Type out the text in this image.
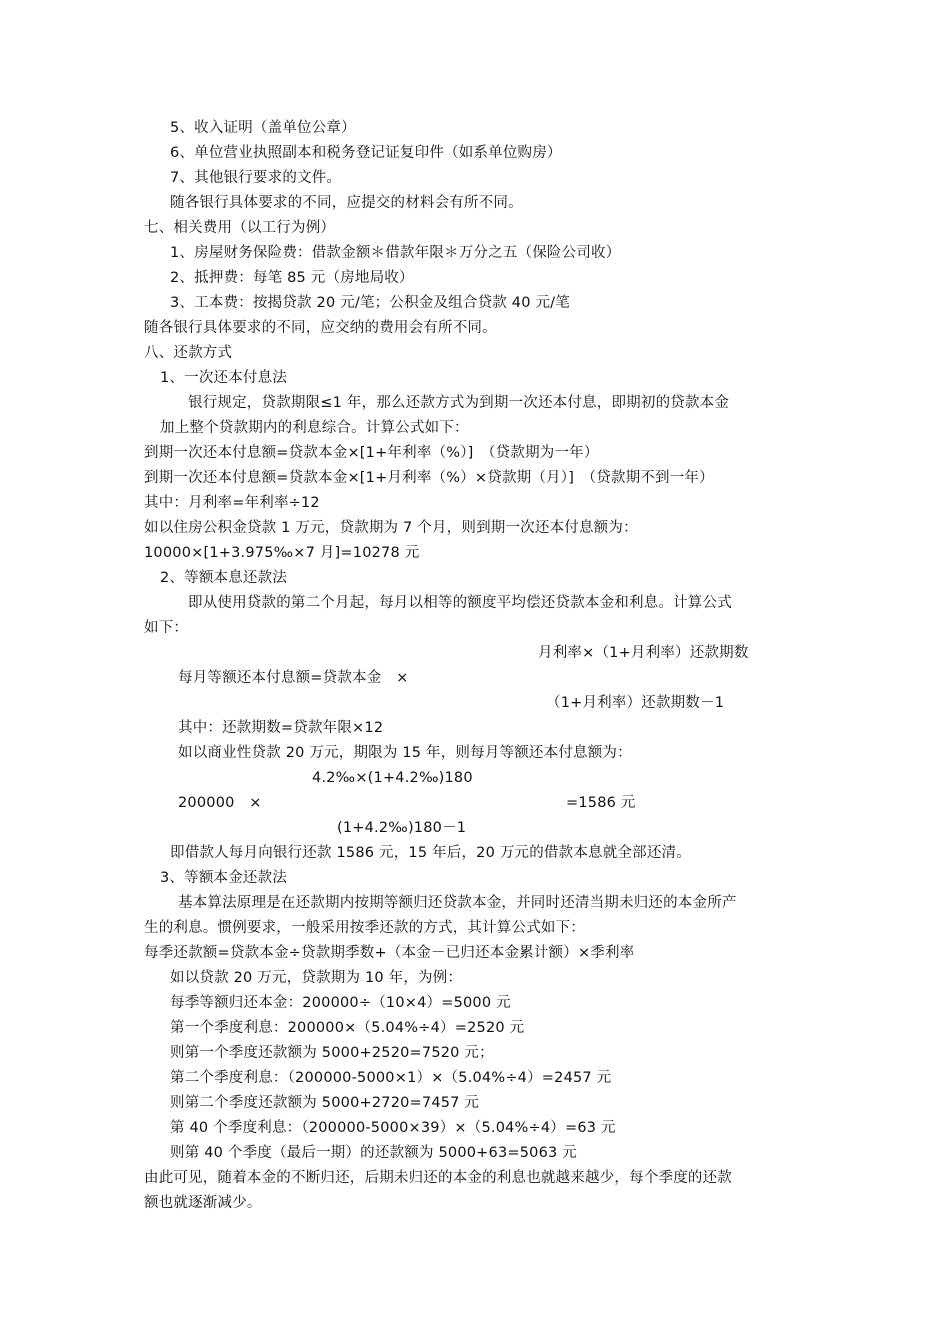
5、收入证明（盖单位公章）
6、单位营业执照副本和税务登记证复印件（如系单位购房）
7、其他银行要求的文件。
随各银行具体要求的不同，应提交的材料会有所不同。
七、相关费用（以工行为例）
1、房屋财务保险费：借款金额＊借款年限＊万分之五（保险公司收）
2、抵押费：每笔 85 元（房地局收）
3、工本费：按揭贷款 20 元/笔；公积金及组合贷款 40 元/笔
随各银行具体要求的不同，应交纳的费用会有所不同。
八、还款方式
1、一次还本付息法
银行规定，贷款期限≤1 年，那么还款方式为到期一次还本付息，即期初的贷款本金
加上整个贷款期内的利息综合。计算公式如下：
到期一次还本付息额=贷款本金×[1+年利率（%）]　（贷款期为一年）
到期一次还本付息额=贷款本金×[1+月利率（%）×贷款期（月）]　（贷款期不到一年）
其中：月利率=年利率÷12
如以住房公积金贷款 1 万元，贷款期为 7 个月，则到期一次还本付息额为：
10000×[1+3.975‰×7 月]=10278 元
2、等额本息还款法
即从使用贷款的第二个月起，每月以相等的额度平均偿还贷款本金和利息。计算公式
如下：
月利率×（1+月利率）还款期数
每月等额还本付息额=贷款本金　×
（1+月利率）还款期数－1
其中：还款期数=贷款年限×12
如以商业性贷款 20 万元，期限为 15 年，则每月等额还本付息额为：
4.2‰×(1+4.2‰)180
200000　×	=1586 元
(1+4.2‰)180－1
即借款人每月向银行还款 1586 元，15 年后，20 万元的借款本息就全部还清。
3、等额本金还款法
基本算法原理是在还款期内按期等额归还贷款本金，并同时还清当期未归还的本金所产
生的利息。惯例要求，一般采用按季还款的方式，其计算公式如下：
每季还款额=贷款本金÷贷款期季数+（本金－已归还本金累计额）×季利率
如以贷款 20 万元，贷款期为 10 年，为例：
每季等额归还本金：200000÷（10×4）=5000 元
第一个季度利息：200000×（5.04%÷4）=2520 元
则第一个季度还款额为 5000+2520=7520 元；
第二个季度利息：（200000-5000×1）×（5.04%÷4）=2457 元
则第二个季度还款额为 5000+2720=7457 元
第 40 个季度利息：（200000-5000×39）×（5.04%÷4）=63 元
则第 40 个季度（最后一期）的还款额为 5000+63=5063 元
由此可见，随着本金的不断归还，后期未归还的本金的利息也就越来越少，每个季度的还款
额也就逐渐减少。
